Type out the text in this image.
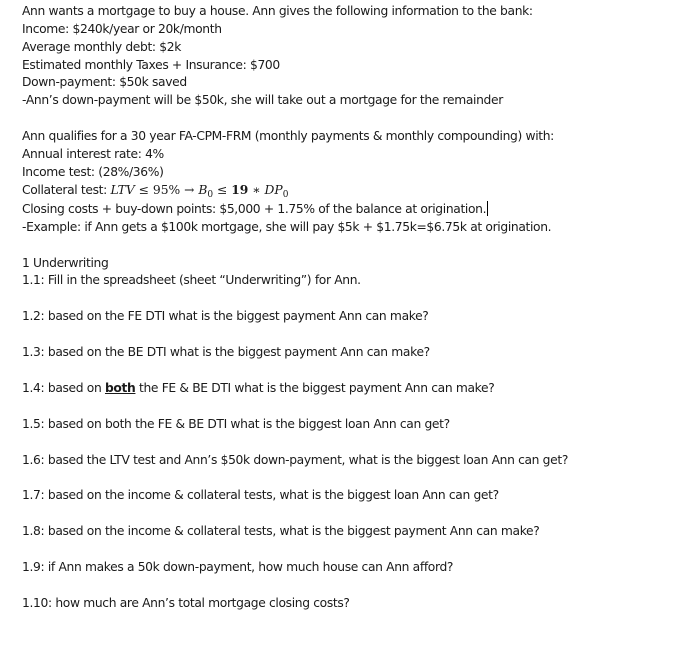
Ann wants a mortgage to buy a house. Ann gives the following information to the bank:
Income: $240k/year or 20k/month
Average monthly debt: $2k
Estimated monthly Taxes + Insurance: $700
Down-payment: $50k saved
-Ann’s down-payment will be $50k, she will take out a mortgage for the remainder
Ann qualifies for a 30 year FA-CPM-FRM (monthly payments & monthly compounding) with:
Annual interest rate: 4%
Income test: (28%/36%)
Collateral test: LTV ≤ $95\% \to B_0 \le 19$ ∗ $DP_0$
Closing costs + buy-down points: $5,000 + 1.75% of the balance at origination.
-Example: if Ann gets a $100k mortgage, she will pay $5k + $1.75k=$6.75k at origination.
1 Underwriting
1.1: Fill in the spreadsheet (sheet “Underwriting”) for Ann.
1.2: based on the FE DTI what is the biggest payment Ann can make?
1.3: based on the BE DTI what is the biggest payment Ann can make?
1.4: based on both the FE & BE DTI what is the biggest payment Ann can make?
1.5: based on both the FE & BE DTI what is the biggest loan Ann can get?
1.6: based the LTV test and Ann’s $50k down-payment, what is the biggest loan Ann can get?
1.7: based on the income & collateral tests, what is the biggest loan Ann can get?
1.8: based on the income & collateral tests, what is the biggest payment Ann can make?
1.9: if Ann makes a 50k down-payment, how much house can Ann afford?
1.10: how much are Ann’s total mortgage closing costs?
